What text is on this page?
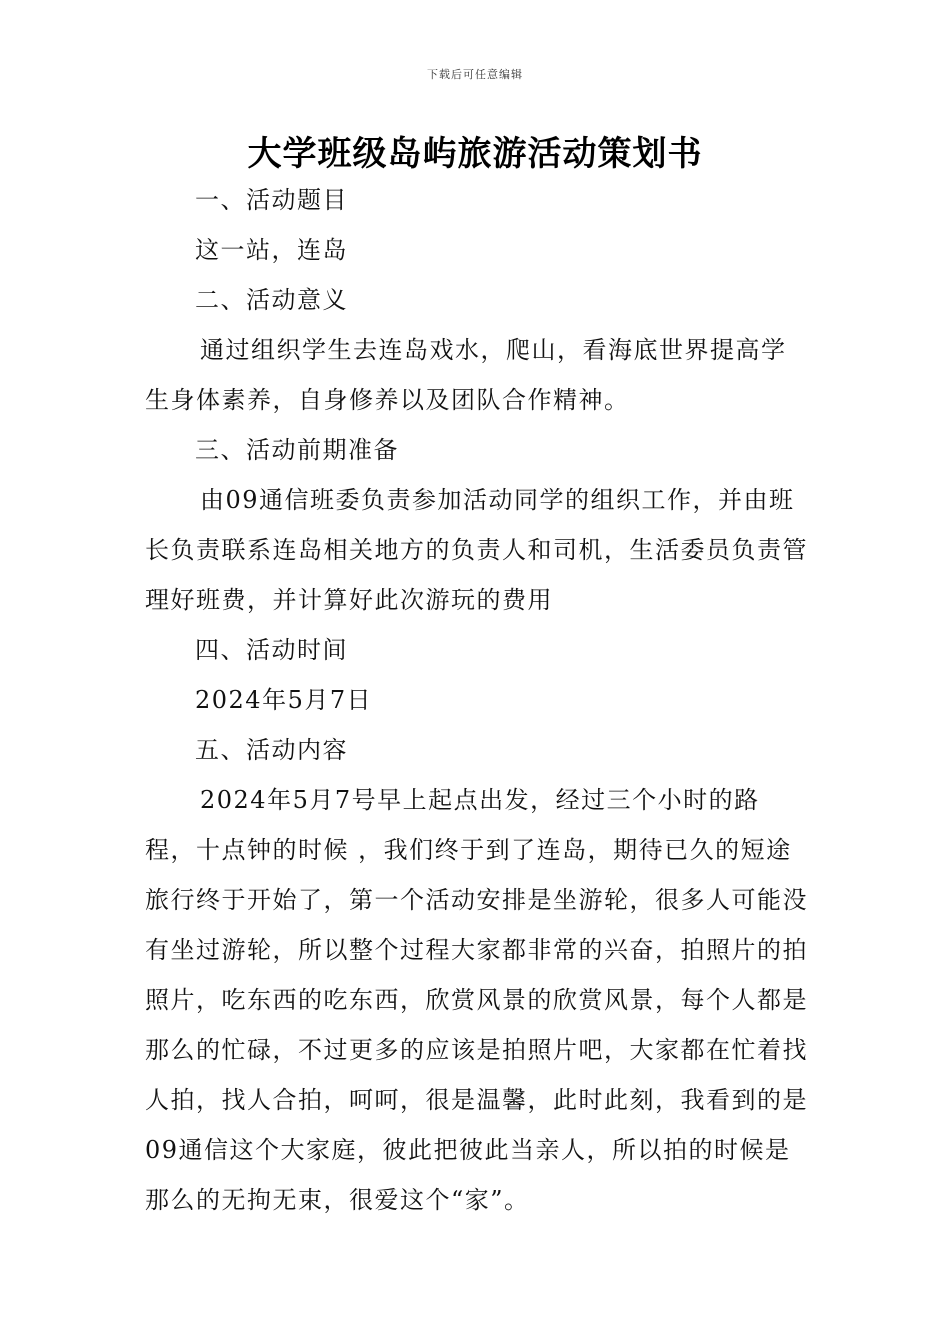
下载后可任意编辑
大学班级岛屿旅游活动策划书

一、活动题目

这一站，连岛

二、活动意义

通过组织学生去连岛戏水，爬山，看海底世界提高学生身体素养，自身修养以及团队合作精神。

三、活动前期准备

由09通信班委负责参加活动同学的组织工作，并由班长负责联系连岛相关地方的负责人和司机，生活委员负责管理好班费，并计算好此次游玩的费用

四、活动时间

2024年5月7日

五、活动内容

2024年5月7号早上起点出发，经过三个小时的路程，十点钟的时候 ，我们终于到了连岛，期待已久的短途旅行终于开始了，第一个活动安排是坐游轮，很多人可能没有坐过游轮，所以整个过程大家都非常的兴奋，拍照片的拍照片，吃东西的吃东西，欣赏风景的欣赏风景，每个人都是那么的忙碌，不过更多的应该是拍照片吧，大家都在忙着找人拍，找人合拍，呵呵，很是温馨，此时此刻，我看到的是09通信这个大家庭，彼此把彼此当亲人，所以拍的时候是那么的无拘无束，很爱这个“家”。
